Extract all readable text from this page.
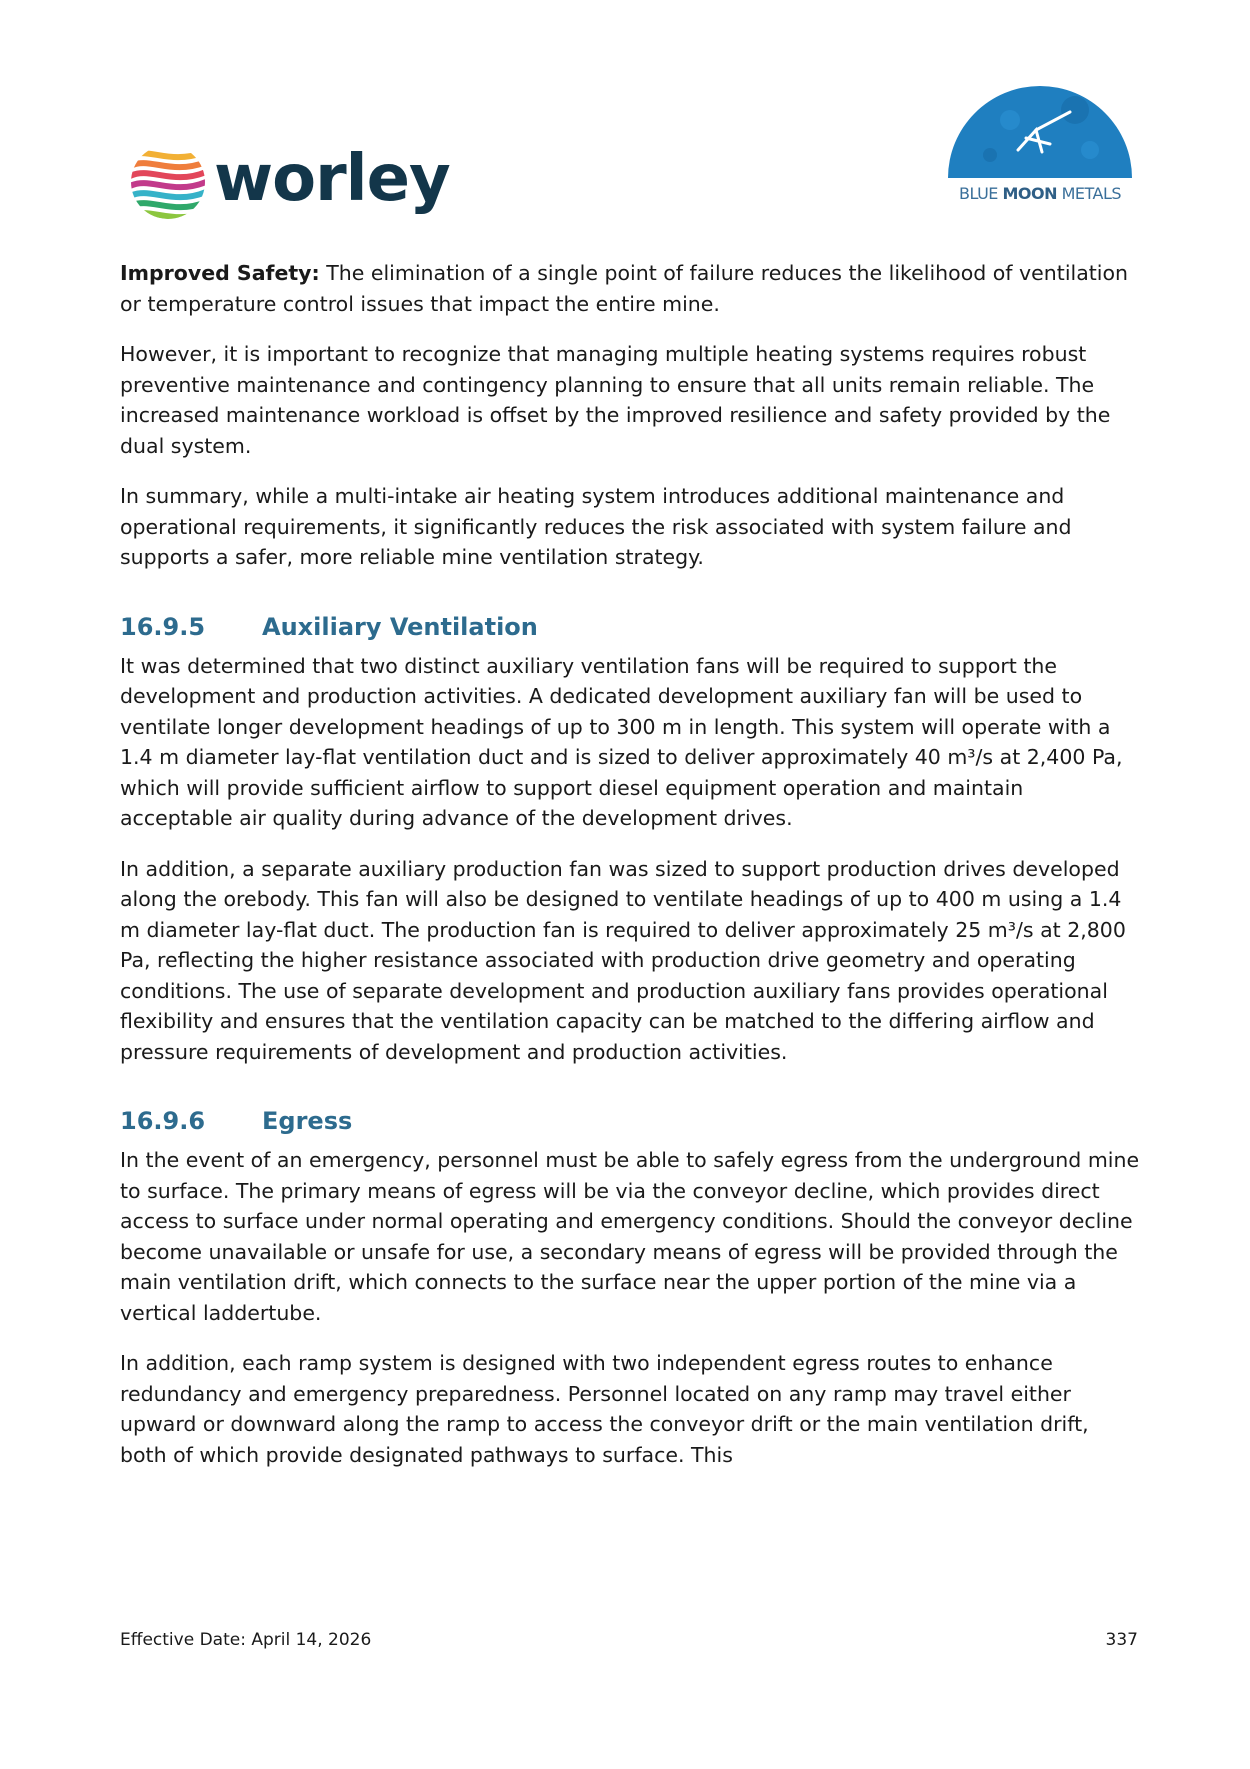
worley	BLUE MOON METALS

Improved Safety: The elimination of a single point of failure reduces the likelihood of ventilation or temperature control issues that impact the entire mine.

However, it is important to recognize that managing multiple heating systems requires robust preventive maintenance and contingency planning to ensure that all units remain reliable. The increased maintenance workload is offset by the improved resilience and safety provided by the dual system.

In summary, while a multi-intake air heating system introduces additional maintenance and operational requirements, it significantly reduces the risk associated with system failure and supports a safer, more reliable mine ventilation strategy.

16.9.5 Auxiliary Ventilation

It was determined that two distinct auxiliary ventilation fans will be required to support the development and production activities. A dedicated development auxiliary fan will be used to ventilate longer development headings of up to 300 m in length. This system will operate with a 1.4 m diameter lay-flat ventilation duct and is sized to deliver approximately 40 m³/s at 2,400 Pa, which will provide sufficient airflow to support diesel equipment operation and maintain acceptable air quality during advance of the development drives.

In addition, a separate auxiliary production fan was sized to support production drives developed along the orebody. This fan will also be designed to ventilate headings of up to 400 m using a 1.4 m diameter lay-flat duct. The production fan is required to deliver approximately 25 m³/s at 2,800 Pa, reflecting the higher resistance associated with production drive geometry and operating conditions. The use of separate development and production auxiliary fans provides operational flexibility and ensures that the ventilation capacity can be matched to the differing airflow and pressure requirements of development and production activities.

16.9.6 Egress

In the event of an emergency, personnel must be able to safely egress from the underground mine to surface. The primary means of egress will be via the conveyor decline, which provides direct access to surface under normal operating and emergency conditions. Should the conveyor decline become unavailable or unsafe for use, a secondary means of egress will be provided through the main ventilation drift, which connects to the surface near the upper portion of the mine via a vertical laddertube.

In addition, each ramp system is designed with two independent egress routes to enhance redundancy and emergency preparedness. Personnel located on any ramp may travel either upward or downward along the ramp to access the conveyor drift or the main ventilation drift, both of which provide designated pathways to surface. This

Effective Date: April 14, 2026	337
